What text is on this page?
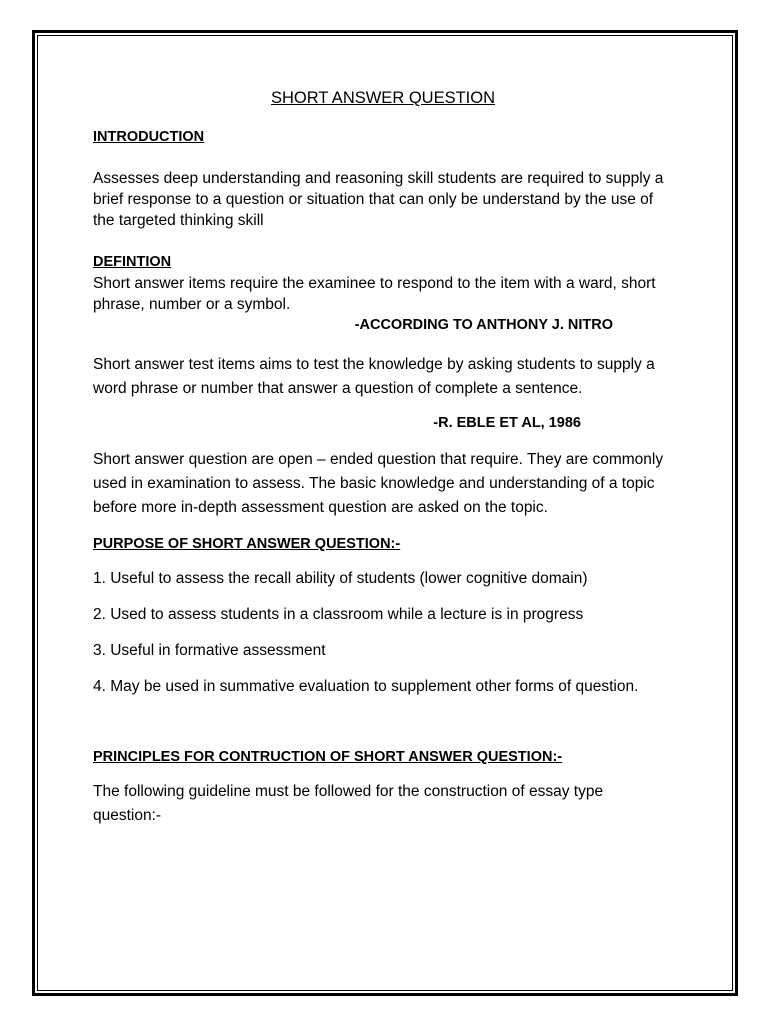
SHORT ANSWER QUESTION

INTRODUCTION

Assesses deep understanding and reasoning skill students are required to supply a brief response to a question or situation that can only be understand by the use of the targeted thinking skill

DEFINTION

Short answer items require the examinee to respond to the item with a ward, short phrase, number or a symbol.

-ACCORDING TO ANTHONY J. NITRO

Short answer test items aims to test the knowledge by asking students to supply a word phrase or number that answer a question of complete a sentence.

-R. EBLE ET AL, 1986

Short answer question are open – ended question that require. They are commonly used in examination to assess. The basic knowledge and understanding of a topic before more in-depth assessment question are asked on the topic.

PURPOSE OF SHORT ANSWER QUESTION:-

1. Useful to assess the recall ability of students (lower cognitive domain)

2. Used to assess students in a classroom while a lecture is in progress

3. Useful in formative assessment

4. May be used in summative evaluation to supplement other forms of question.

PRINCIPLES FOR CONTRUCTION OF SHORT ANSWER QUESTION:-

The following guideline must be followed for the construction of essay type question:-
